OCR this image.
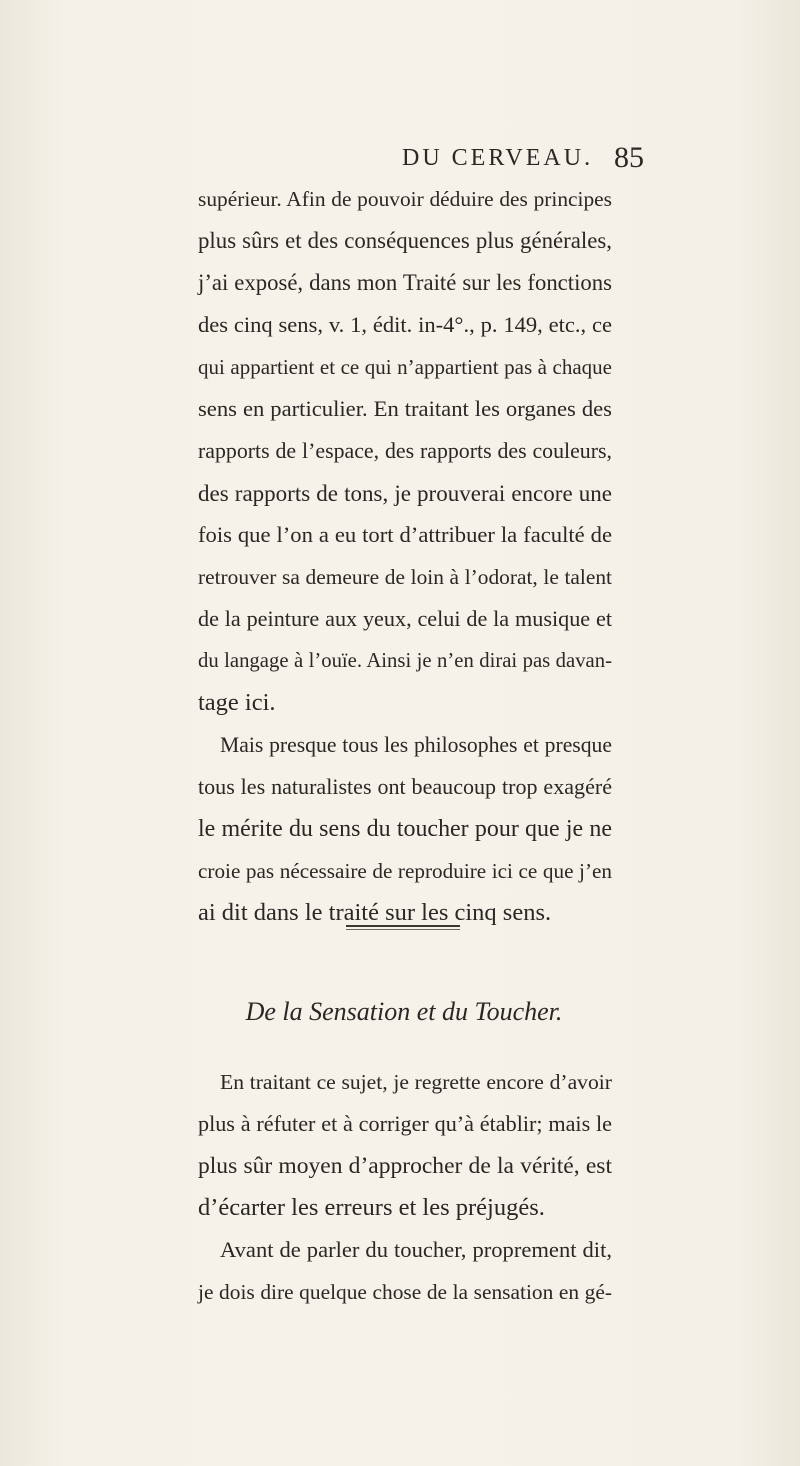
DU CERVEAU. 85
supérieur. Afin de pouvoir déduire des principes
plus sûrs et des conséquences plus générales,
j’ai exposé, dans mon Traité sur les fonctions
des cinq sens, v. 1, édit. in-4°., p. 149, etc., ce
qui appartient et ce qui n’appartient pas à chaque
sens en particulier. En traitant les organes des
rapports de l’espace, des rapports des couleurs,
des rapports de tons, je prouverai encore une
fois que l’on a eu tort d’attribuer la faculté de
retrouver sa demeure de loin à l’odorat, le talent
de la peinture aux yeux, celui de la musique et
du langage à l’ouïe. Ainsi je n’en dirai pas davan-
tage ici.
Mais presque tous les philosophes et presque
tous les naturalistes ont beaucoup trop exagéré
le mérite du sens du toucher pour que je ne
croie pas nécessaire de reproduire ici ce que j’en
ai dit dans le traité sur les cinq sens.
De la Sensation et du Toucher.
En traitant ce sujet, je regrette encore d’avoir
plus à réfuter et à corriger qu’à établir; mais le
plus sûr moyen d’approcher de la vérité, est
d’écarter les erreurs et les préjugés.
Avant de parler du toucher, proprement dit,
je dois dire quelque chose de la sensation en gé-
